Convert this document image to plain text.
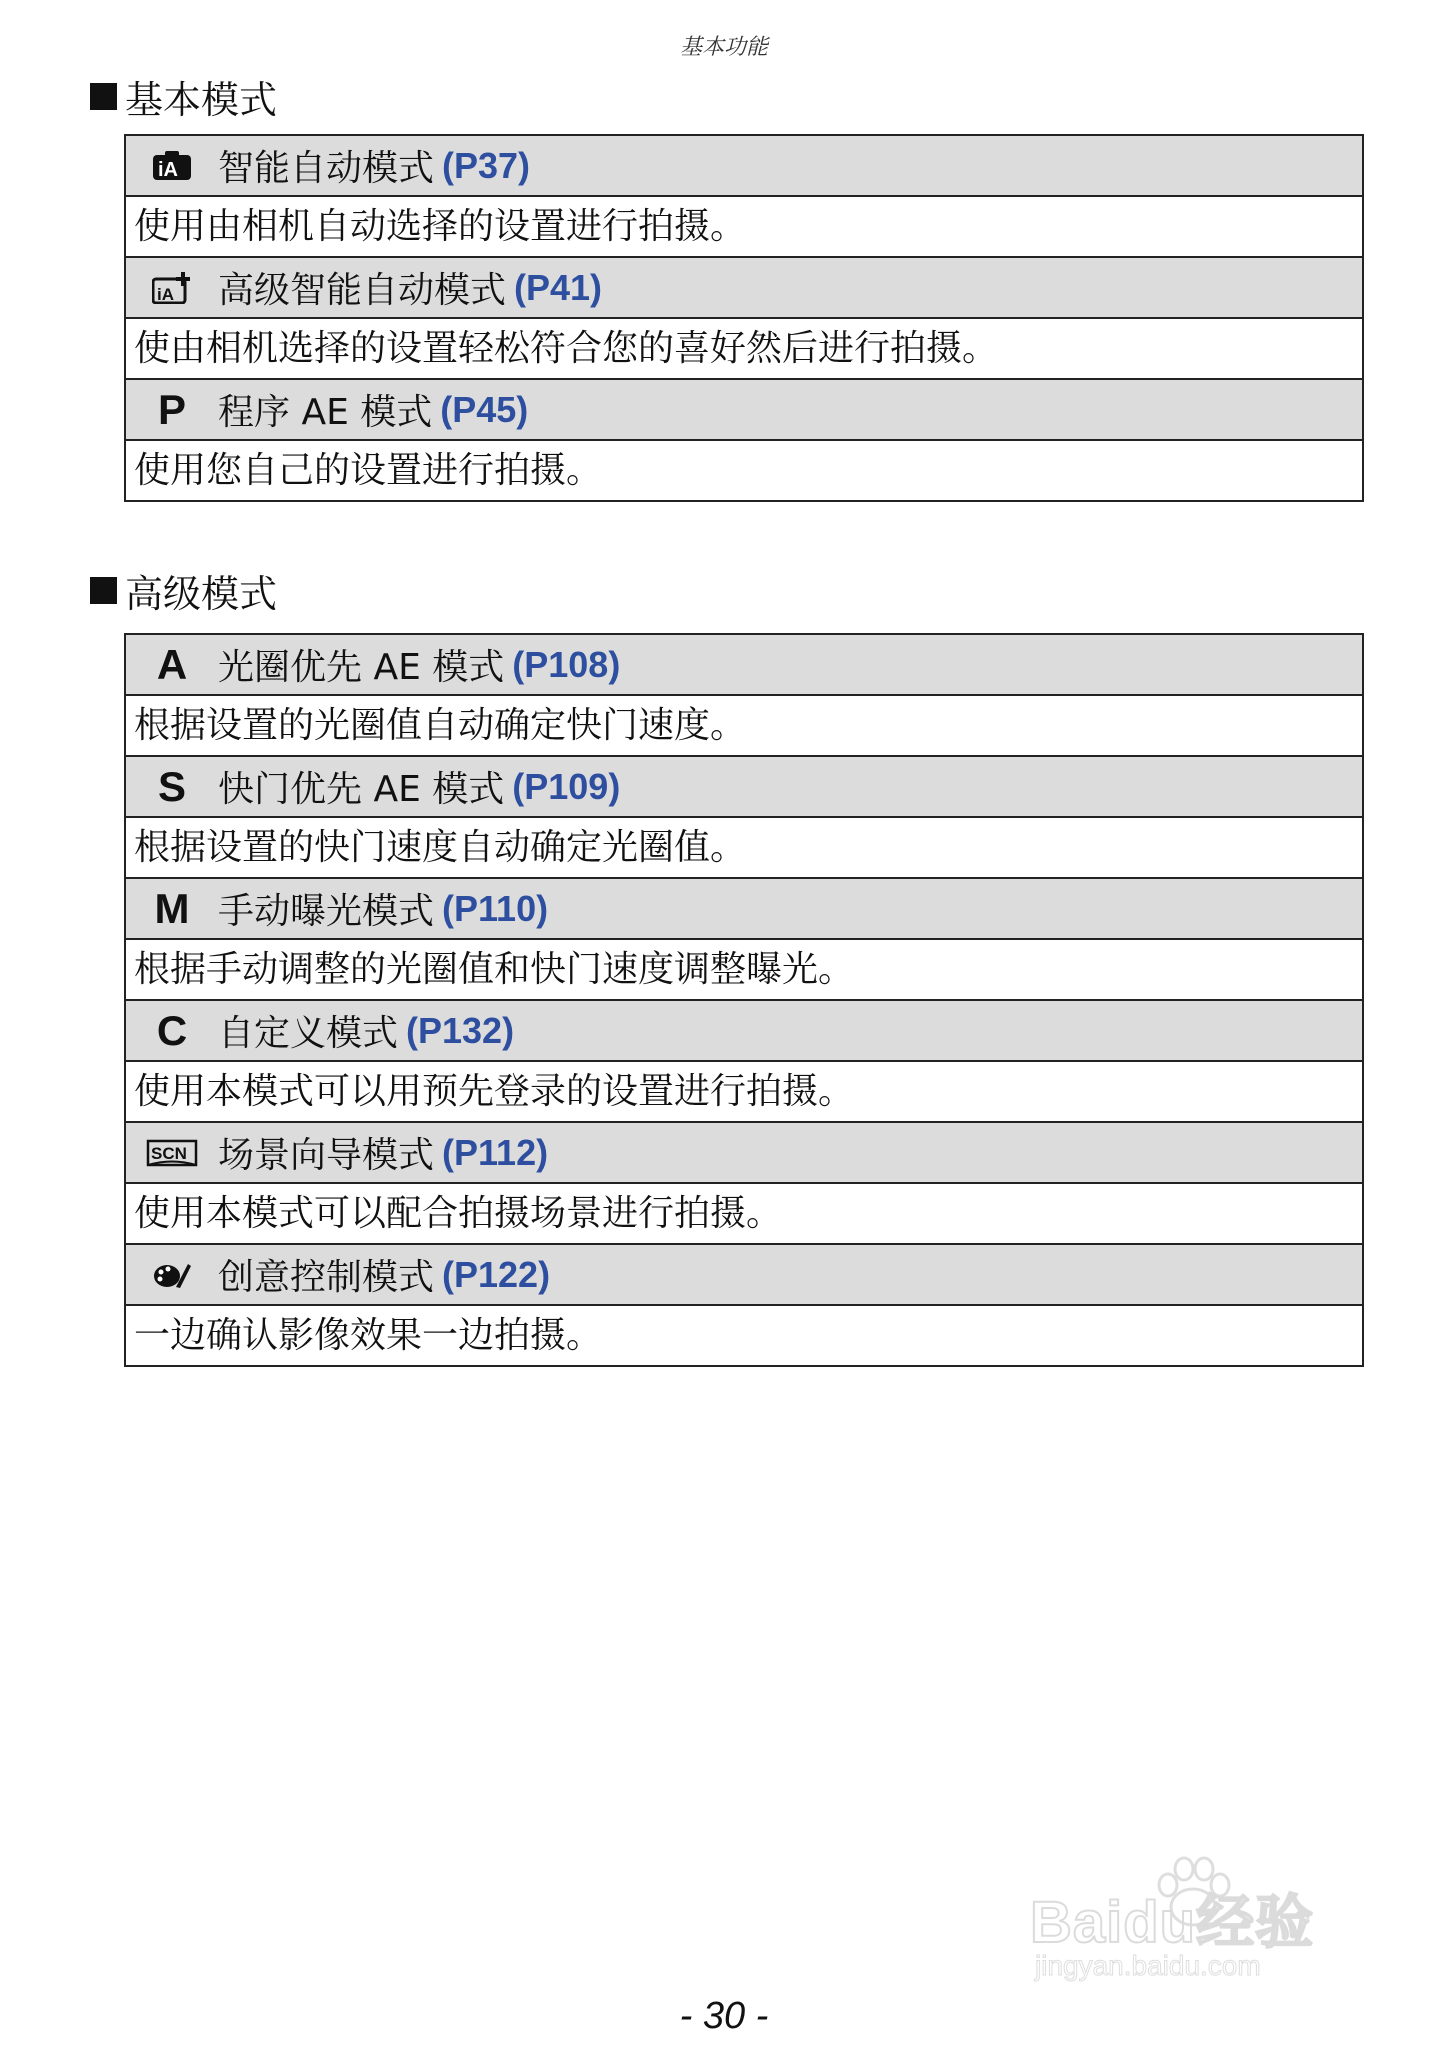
基本功能
基本模式
iA 智能自动模式 (P37)

使用由相机自动选择的设置进行拍摄。

iA 高级智能自动模式 (P41)

使由相机选择的设置轻松符合您的喜好然后进行拍摄。

P 程序 AE 模式 (P45)

使用您自己的设置进行拍摄。
高级模式
A 光圈优先 AE 模式 (P108)

根据设置的光圈值自动确定快门速度。

S 快门优先 AE 模式 (P109)

根据设置的快门速度自动确定光圈值。

M 手动曝光模式 (P110)

根据手动调整的光圈值和快门速度调整曝光。

C 自定义模式 (P132)

使用本模式可以用预先登录的设置进行拍摄。

SCN 场景向导模式 (P112)

使用本模式可以配合拍摄场景进行拍摄。

创意控制模式 (P122)

一边确认影像效果一边拍摄。
Baidu经验
jingyan.baidu.com
- 30 -
